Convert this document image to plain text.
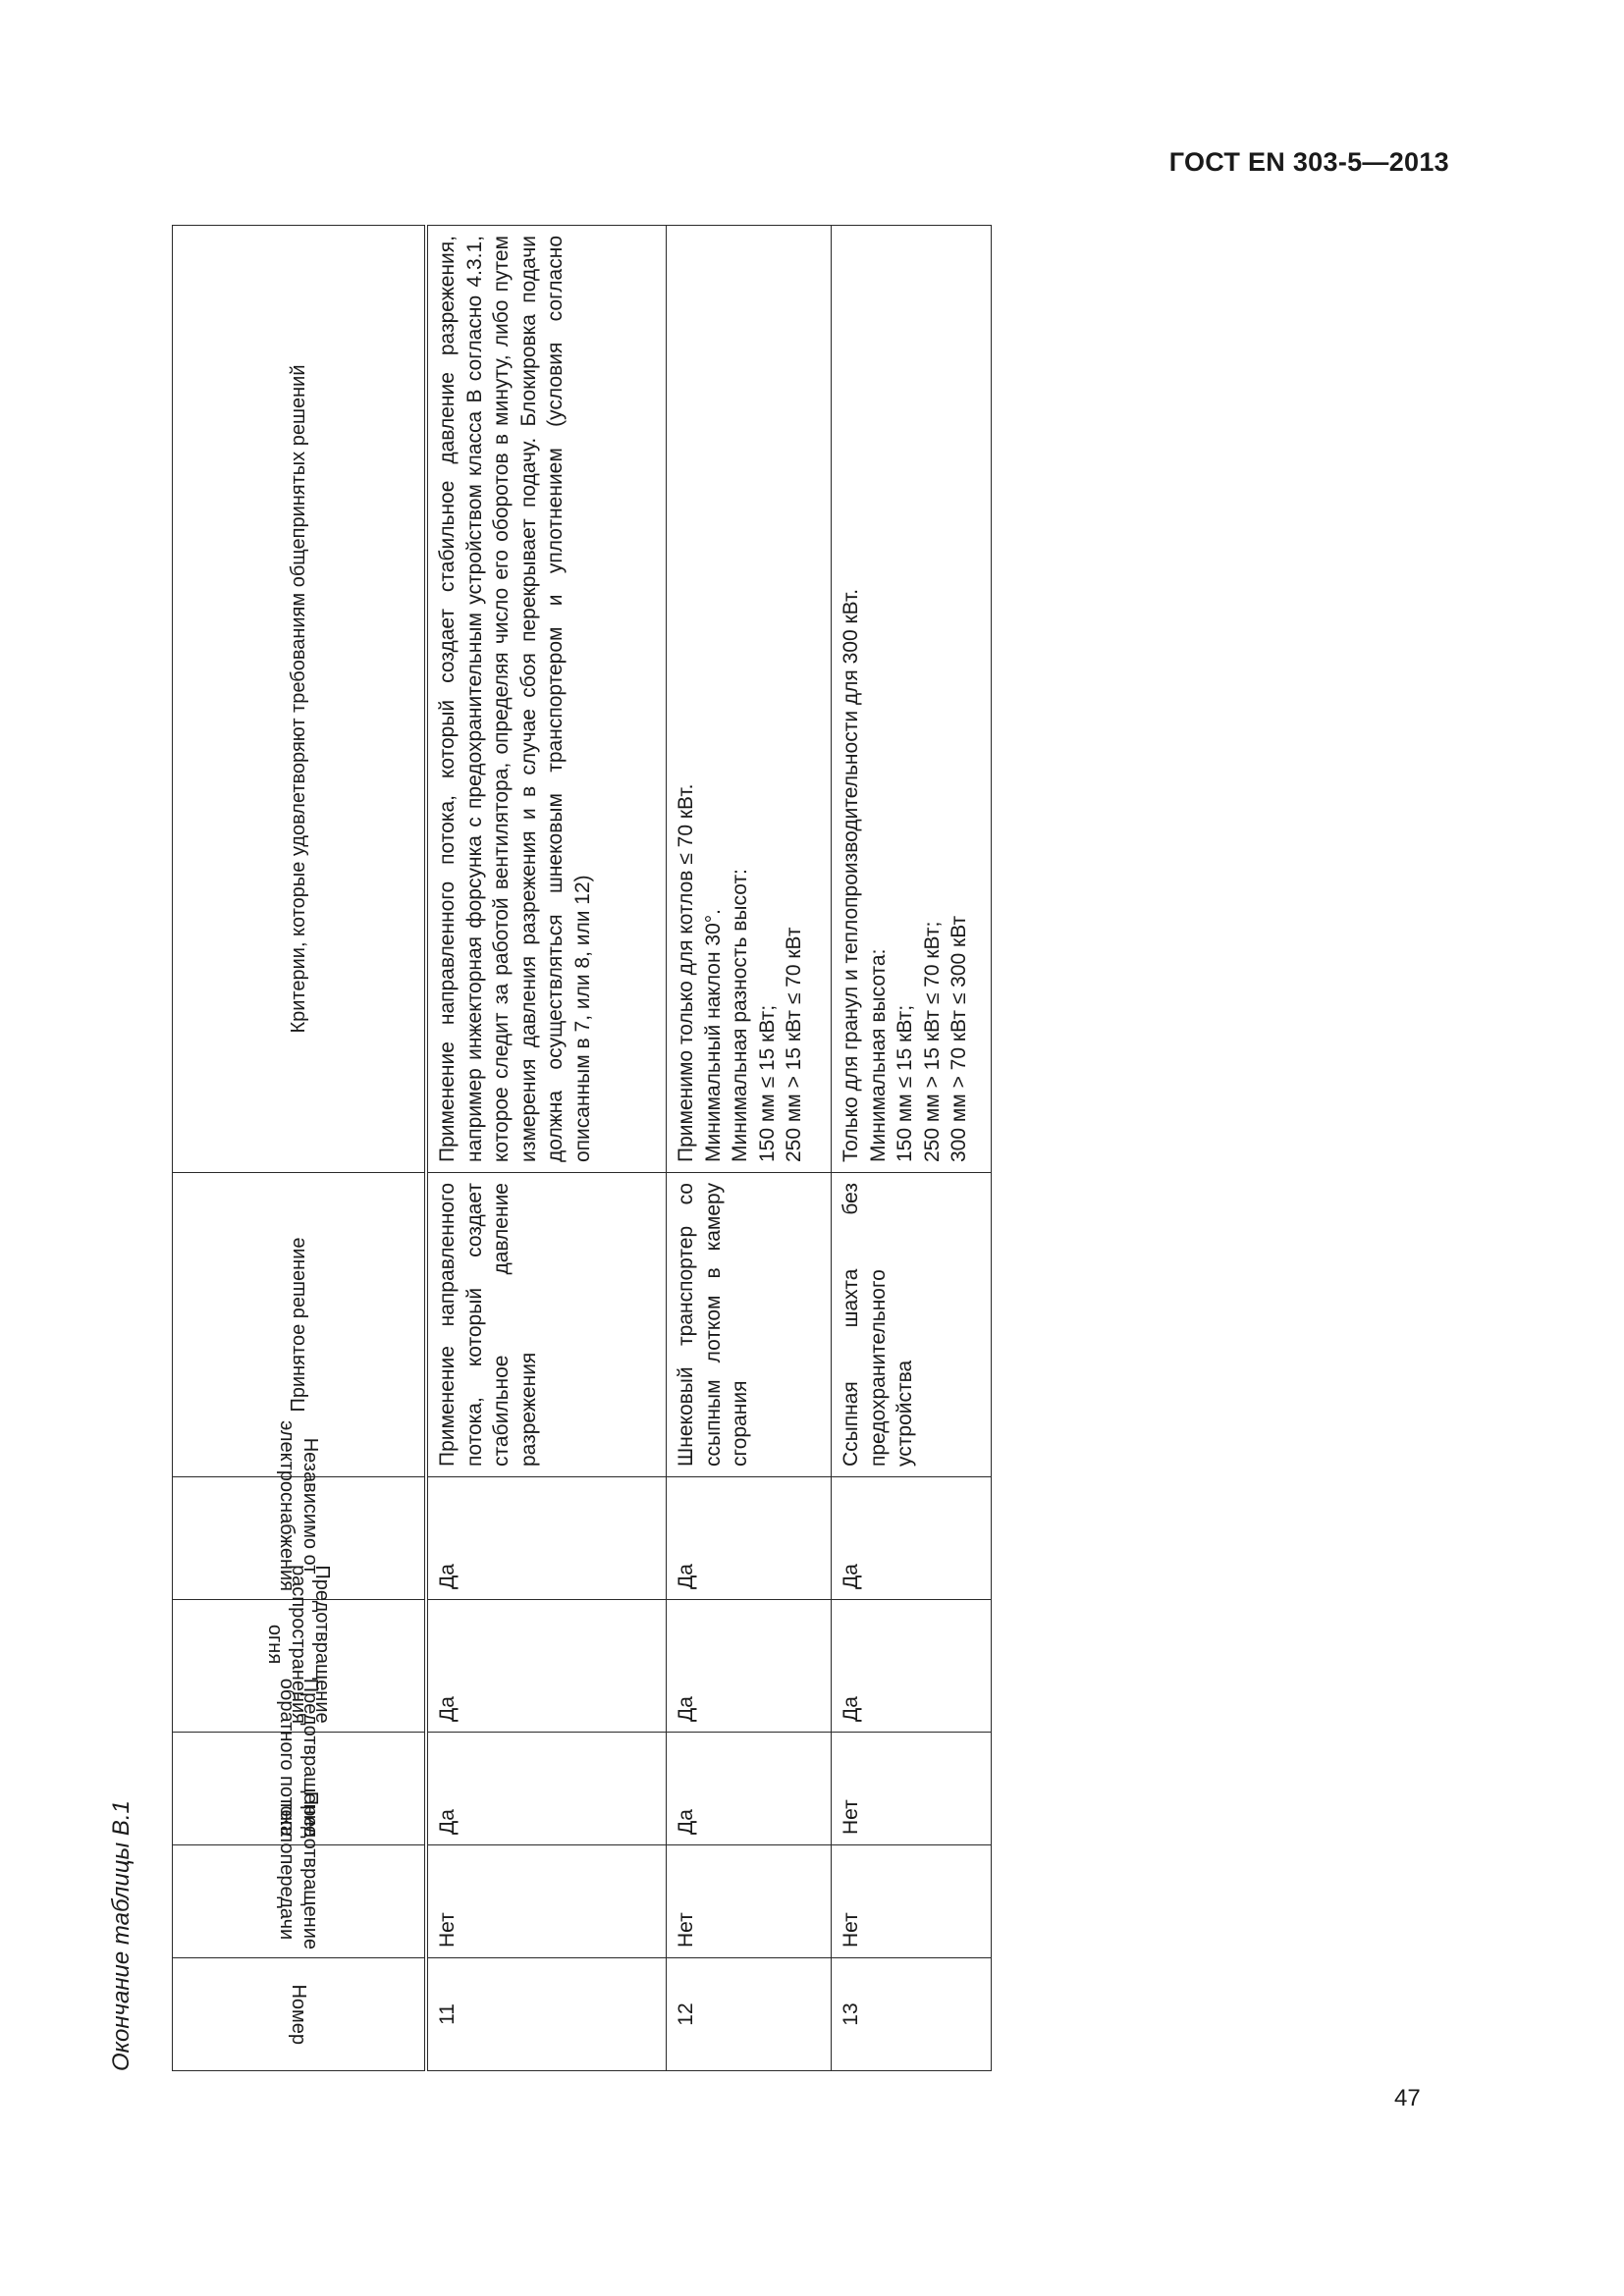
ГОСТ EN 303-5—2013
Окончание таблицы В.1	Номер	Предотвращение теплопередачи	Предотвращение обратного потока	Предотвращение распространения огня	Независимо от электроснабжения	Принятое решение	Критерии, которые удовлетворяют требованиям общепринятых решений
11	Нет	Да	Да	Да	Применение направленного потока, который создает стабильное давление разрежения	Применение направленного потока, который создает стабильное давление разрежения, например инжекторная форсунка с предохранительным устройством класса B согласно 4.3.1, которое следит за работой вентилятора, определяя число его оборотов в минуту, либо путем измерения давления разрежения и в случае сбоя перекрывает подачу. Блокировка подачи должна осуществляться шнековым транспортером и уплотнением (условия согласно описанным в 7, или 8, или 12)

12	Нет	Да	Да	Да	Шнековый транспортер со ссыпным лотком в камеру сгорания	Применимо только для котлов ≤ 70 кВт. Минимальный наклон 30°. Минимальная разность высот: 150 мм ≤ 15 кВт; 250 мм > 15 кВт ≤ 70 кВт

13	Нет	Нет	Да	Да	Ссыпная шахта без предохранительного устройства	Только для гранул и теплопроизводительности для 300 кВт. Минимальная высота: 150 мм ≤ 15 кВт; 250 мм > 15 кВт ≤ 70 кВт; 300 мм > 70 кВт ≤ 300 кВт
47
